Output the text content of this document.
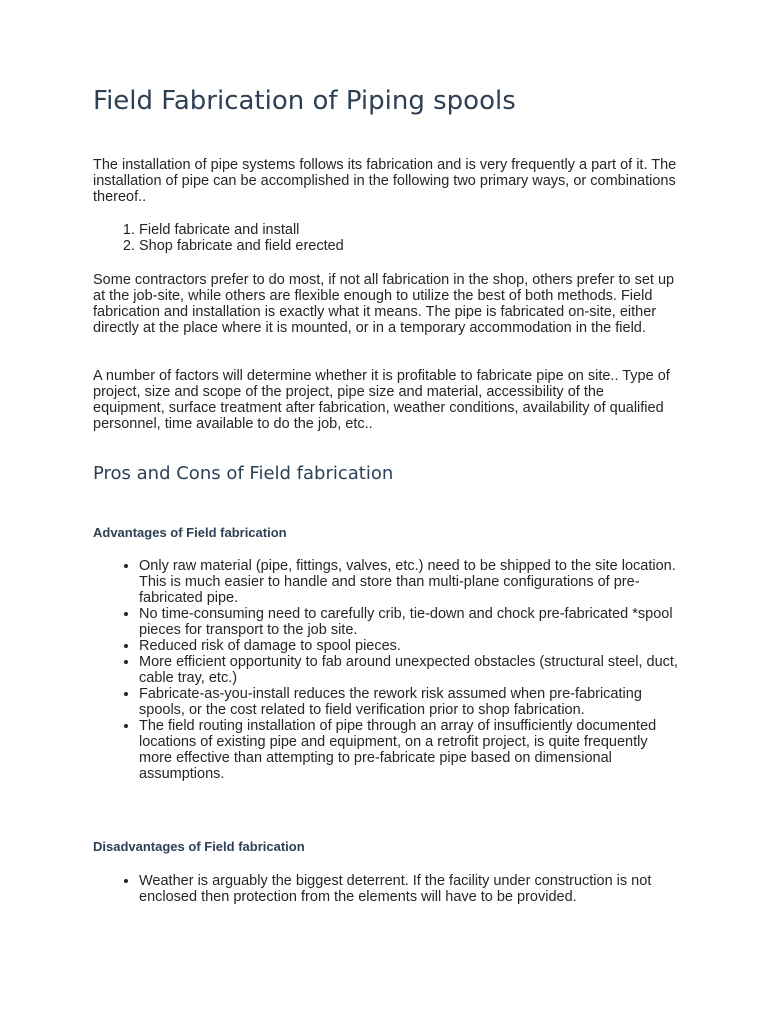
Field Fabrication of Piping spools

The installation of pipe systems follows its fabrication and is very frequently a part of it. The installation of pipe can be accomplished in the following two primary ways, or combinations thereof..

1. Field fabricate and install
2. Shop fabricate and field erected

Some contractors prefer to do most, if not all fabrication in the shop, others prefer to set up at the job-site, while others are flexible enough to utilize the best of both methods. Field fabrication and installation is exactly what it means. The pipe is fabricated on-site, either directly at the place where it is mounted, or in a temporary accommodation in the field.

A number of factors will determine whether it is profitable to fabricate pipe on site.. Type of project, size and scope of the project, pipe size and material, accessibility of the equipment, surface treatment after fabrication, weather conditions, availability of qualified personnel, time available to do the job, etc..

Pros and Cons of Field fabrication
Advantages of Field fabrication
• Only raw material (pipe, fittings, valves, etc.) need to be shipped to the site location. This is much easier to handle and store than multi-plane configurations of pre-fabricated pipe.
• No time-consuming need to carefully crib, tie-down and chock pre-fabricated *spool pieces for transport to the job site.
• Reduced risk of damage to spool pieces.
• More efficient opportunity to fab around unexpected obstacles (structural steel, duct, cable tray, etc.)
• Fabricate-as-you-install reduces the rework risk assumed when pre-fabricating spools, or the cost related to field verification prior to shop fabrication.
• The field routing installation of pipe through an array of insufficiently documented locations of existing pipe and equipment, on a retrofit project, is quite frequently more effective than attempting to pre-fabricate pipe based on dimensional assumptions.
Disadvantages of Field fabrication
• Weather is arguably the biggest deterrent. If the facility under construction is not enclosed then protection from the elements will have to be provided.
